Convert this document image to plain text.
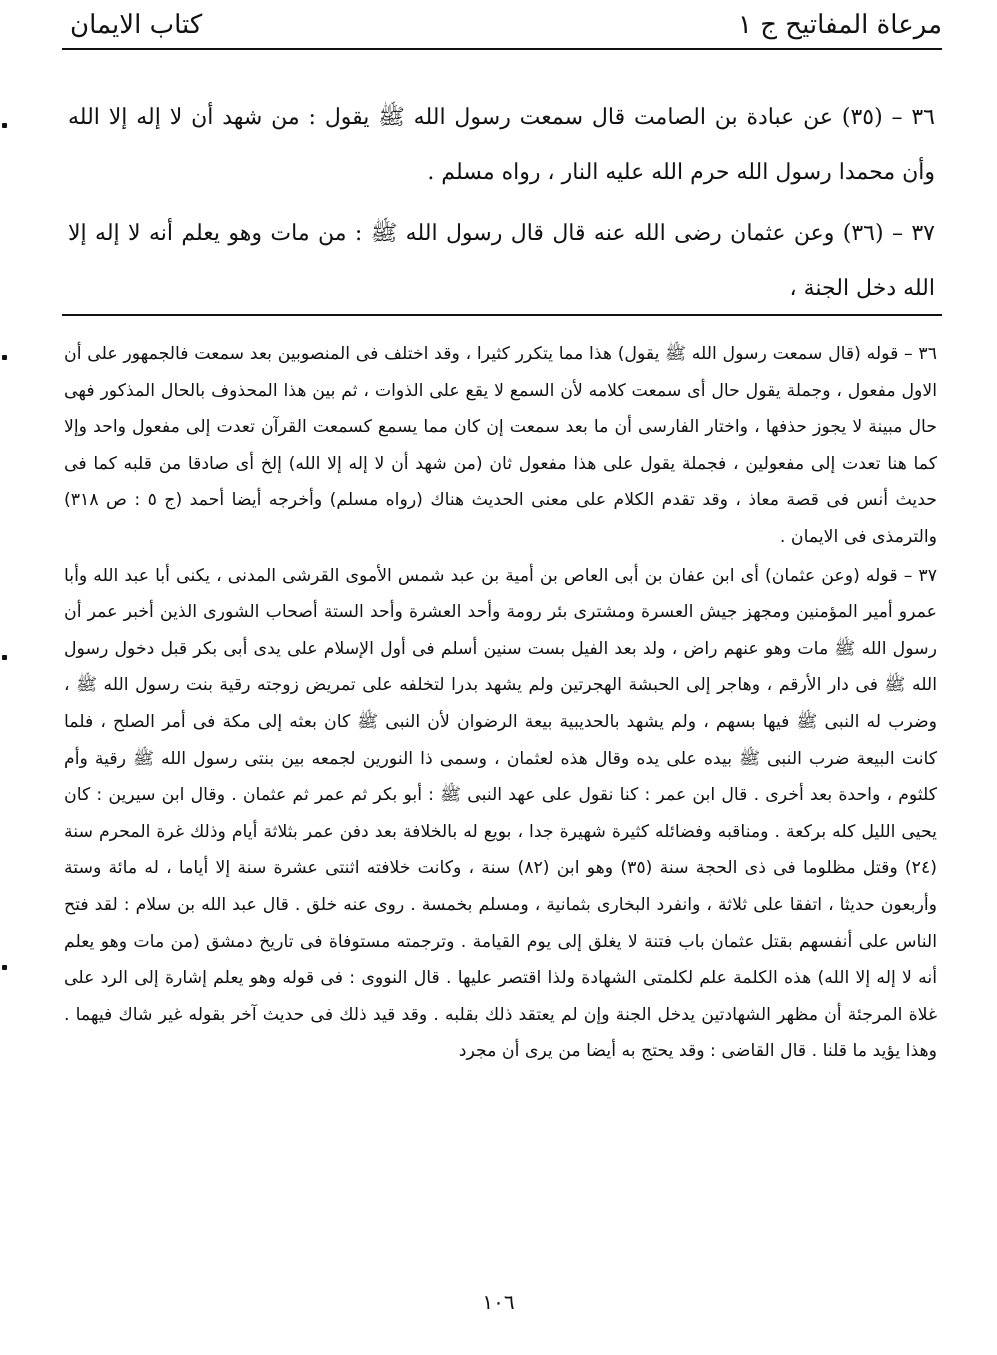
مرعاة المفاتيح ج ١
كتاب الايمان

٣٦ – (٣٥) عن عبادة بن الصامت قال سمعت رسول الله ﷺ يقول : من شهد أن لا إله إلا الله وأن محمدا رسول الله حرم الله عليه النار ، رواه مسلم .

٣٧ – (٣٦) وعن عثمان رضى الله عنه قال قال رسول الله ﷺ : من مات وهو يعلم أنه لا إله إلا الله دخل الجنة ،

٣٦ – قوله (قال سمعت رسول الله ﷺ يقول) هذا مما يتكرر كثيرا ، وقد اختلف فى المنصوبين بعد سمعت فالجمهور على أن الاول مفعول ، وجملة يقول حال أى سمعت كلامه لأن السمع لا يقع على الذوات ، ثم بين هذا المحذوف بالحال المذكور فهى حال مبينة لا يجوز حذفها ، واختار الفارسى أن ما بعد سمعت إن كان مما يسمع كسمعت القرآن تعدت إلى مفعول واحد وإلا كما هنا تعدت إلى مفعولين ، فجملة يقول على هذا مفعول ثان (من شهد أن لا إله إلا الله) إلخ أى صادقا من قلبه كما فى حديث أنس فى قصة معاذ ، وقد تقدم الكلام على معنى الحديث هناك (رواه مسلم) وأخرجه أيضا أحمد (ج ٥ : ص ٣١٨) والترمذى فى الايمان .

٣٧ – قوله (وعن عثمان) أى ابن عفان بن أبى العاص بن أمية بن عبد شمس الأموى القرشى المدنى ، يكنى أبا عبد الله وأبا عمرو أمير المؤمنين ومجهز جيش العسرة ومشترى بئر رومة وأحد العشرة وأحد الستة أصحاب الشورى الذين أخبر عمر أن رسول الله ﷺ مات وهو عنهم راض ، ولد بعد الفيل بست سنين أسلم فى أول الإسلام على يدى أبى بكر قبل دخول رسول الله ﷺ فى دار الأرقم ، وهاجر إلى الحبشة الهجرتين ولم يشهد بدرا لتخلفه على تمريض زوجته رقية بنت رسول الله ﷺ ، وضرب له النبى ﷺ فيها بسهم ، ولم يشهد بالحديبية بيعة الرضوان لأن النبى ﷺ كان بعثه إلى مكة فى أمر الصلح ، فلما كانت البيعة ضرب النبى ﷺ بيده على يده وقال هذه لعثمان ، وسمى ذا النورين لجمعه بين بنتى رسول الله ﷺ رقية وأم كلثوم ، واحدة بعد أخرى . قال ابن عمر : كنا نقول على عهد النبى ﷺ : أبو بكر ثم عمر ثم عثمان . وقال ابن سيرين : كان يحيى الليل كله بركعة . ومناقبه وفضائله كثيرة شهيرة جدا ، بويع له بالخلافة بعد دفن عمر بثلاثة أيام وذلك غرة المحرم سنة (٢٤) وقتل مظلوما فى ذى الحجة سنة (٣٥) وهو ابن (٨٢) سنة ، وكانت خلافته اثنتى عشرة سنة إلا أياما ، له مائة وستة وأربعون حديثا ، اتفقا على ثلاثة ، وانفرد البخارى بثمانية ، ومسلم بخمسة . روى عنه خلق . قال عبد الله بن سلام : لقد فتح الناس على أنفسهم بقتل عثمان باب فتنة لا يغلق إلى يوم القيامة . وترجمته مستوفاة فى تاريخ دمشق (من مات وهو يعلم أنه لا إله إلا الله) هذه الكلمة علم لكلمتى الشهادة ولذا اقتصر عليها . قال النووى : فى قوله وهو يعلم إشارة إلى الرد على غلاة المرجئة أن مظهر الشهادتين يدخل الجنة وإن لم يعتقد ذلك بقلبه . وقد قيد ذلك فى حديث آخر بقوله غير شاك فيهما . وهذا يؤيد ما قلنا . قال القاضى : وقد يحتج به أيضا من يرى أن مجرد

١٠٦
